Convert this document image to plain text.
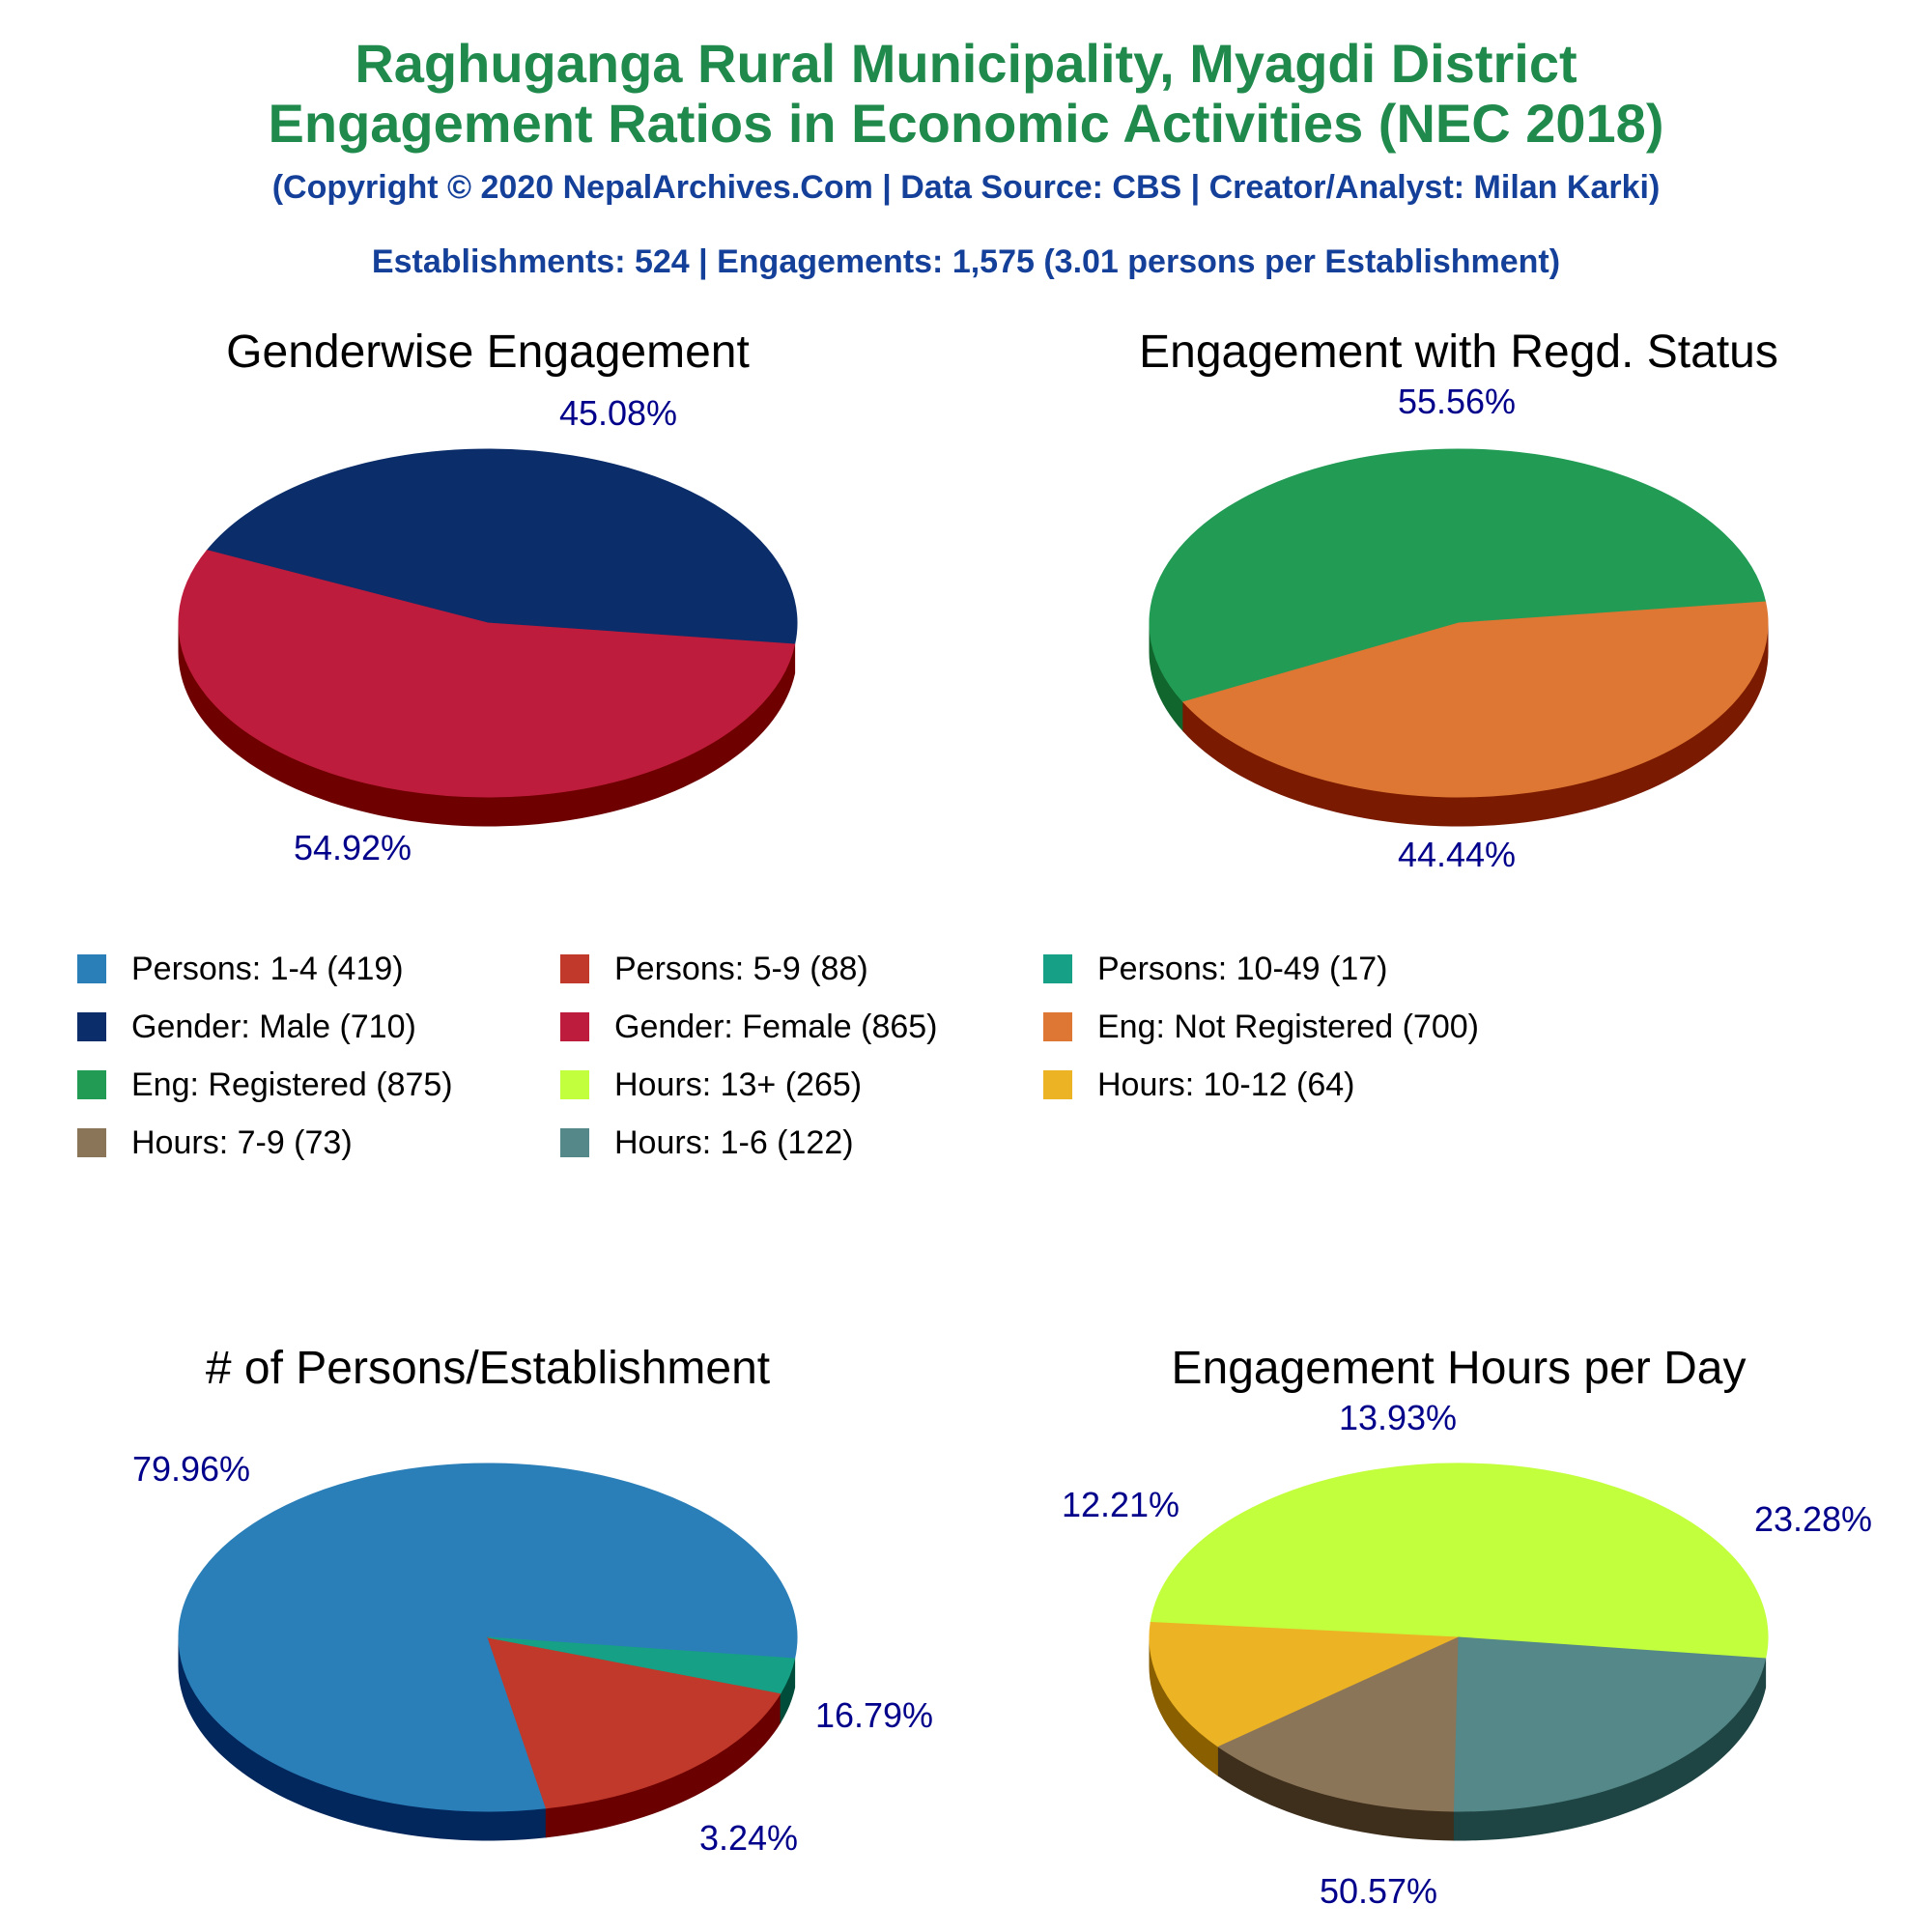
Raghuganga Rural Municipality, Myagdi District
Engagement Ratios in Economic Activities (NEC 2018)
(Copyright © 2020 NepalArchives.Com | Data Source: CBS | Creator/Analyst: Milan Karki)
Establishments: 524 | Engagements: 1,575 (3.01 persons per Establishment)
Genderwise Engagement
45.08%
54.92%
Engagement with Regd. Status
55.56%
44.44%
# of Persons/Establishment
79.96%
16.79%
3.24%
Engagement Hours per Day
50.57%
12.21%
13.93%
23.28%
Persons: 1-4 (419)	Persons: 5-9 (88)	Persons: 10-49 (17)
Gender: Male (710)	Gender: Female (865)	Eng: Not Registered (700)
Eng: Registered (875)	Hours: 13+ (265)	Hours: 10-12 (64)
Hours: 7-9 (73)	Hours: 1-6 (122)
